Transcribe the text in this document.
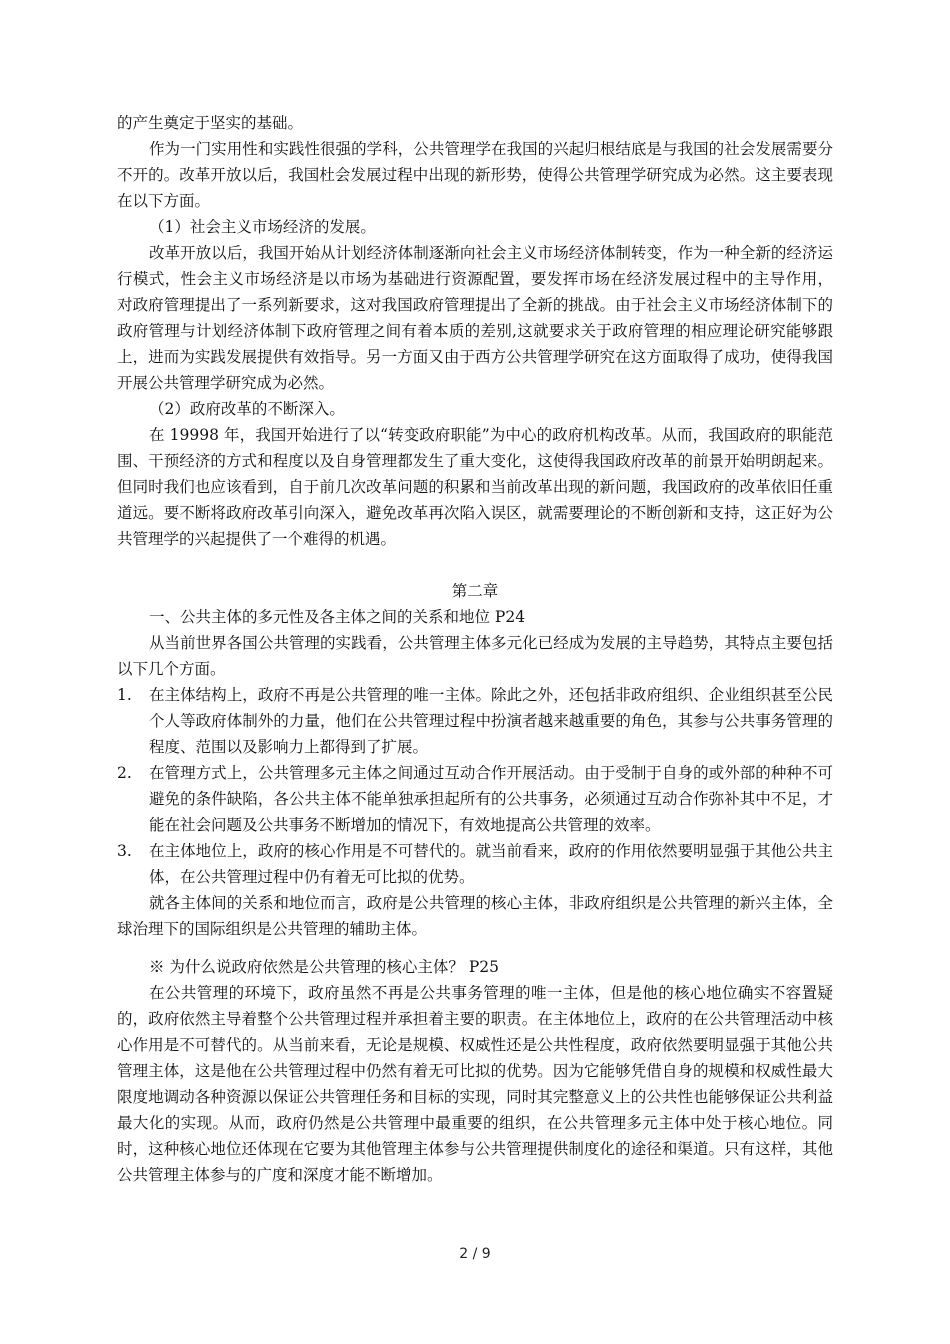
的产生奠定于坚实的基础。

作为一门实用性和实践性很强的学科，公共管理学在我国的兴起归根结底是与我国的社会发展需要分不开的。改革开放以后，我国杜会发展过程中出现的新形势，使得公共管理学研究成为必然。这主要表现在以下方面。

（1）社会主义市场经济的发展。

改革开放以后，我国开始从计划经济体制逐渐向社会主义市场经济体制转变，作为一种全新的经济运行模式，性会主义市场经济是以市场为基础进行资源配置，要发挥市场在经济发展过程中的主导作用， 对政府管理提出了一系列新要求，这对我国政府管理提出了全新的挑战。由于社会主义市场经济体制下的政府管理与计划经济体制下政府管理之间有着本质的差别,这就要求关于政府管理的相应理论研究能够跟上，进而为实践发展提供有效指导。另一方面又由于西方公共管理学研究在这方面取得了成功，使得我国开展公共管理学研究成为必然。

（2）政府改革的不断深入。

在 19998 年，我国开始进行了以“转变政府职能”为中心的政府机构改革。从而，我国政府的职能范围、干预经济的方式和程度以及自身管理都发生了重大变化，这使得我国政府改革的前景开始明朗起来。 但同时我们也应该看到，自于前几次改革问题的积累和当前改革出现的新问题，我国政府的改革依旧任重道远。要不断将政府改革引向深入，避免改革再次陷入误区，就需要理论的不断创新和支持，这正好为公共管理学的兴起提供了一个难得的机遇。

第二章

一、公共主体的多元性及各主体之间的关系和地位 P24

从当前世界各国公共管理的实践看，公共管理主体多元化已经成为发展的主导趋势，其特点主要包括以下几个方面。

1. 在主体结构上，政府不再是公共管理的唯一主体。除此之外，还包括非政府组织、企业组织甚至公民个人等政府体制外的力量，他们在公共管理过程中扮演者越来越重要的角色，其参与公共事务管理的程度、范围以及影响力上都得到了扩展。

2. 在管理方式上，公共管理多元主体之间通过互动合作开展活动。由于受制于自身的或外部的种种不可避免的条件缺陷，各公共主体不能单独承担起所有的公共事务，必须通过互动合作弥补其中不足，才能在社会问题及公共事务不断增加的情况下，有效地提高公共管理的效率。

3. 在主体地位上，政府的核心作用是不可替代的。就当前看来，政府的作用依然要明显强于其他公共主体，在公共管理过程中仍有着无可比拟的优势。

就各主体间的关系和地位而言，政府是公共管理的核心主体，非政府组织是公共管理的新兴主体，全球治理下的国际组织是公共管理的辅助主体。

※ 为什么说政府依然是公共管理的核心主体？ P25

在公共管理的环境下，政府虽然不再是公共事务管理的唯一主体，但是他的核心地位确实不容置疑的，政府依然主导着整个公共管理过程并承担着主要的职责。在主体地位上，政府的在公共管理活动中核心作用是不可替代的。从当前来看，无论是规模、权威性还是公共性程度，政府依然要明显强于其他公共管理主体，这是他在公共管理过程中仍然有着无可比拟的优势。因为它能够凭借自身的规模和权威性最大限度地调动各种资源以保证公共管理任务和目标的实现，同时其完整意义上的公共性也能够保证公共利益最大化的实现。从而，政府仍然是公共管理中最重要的组织，在公共管理多元主体中处于核心地位。同时，这种核心地位还体现在它要为其他管理主体参与公共管理提供制度化的途径和渠道。只有这样，其他公共管理主体参与的广度和深度才能不断增加。

2 / 9
